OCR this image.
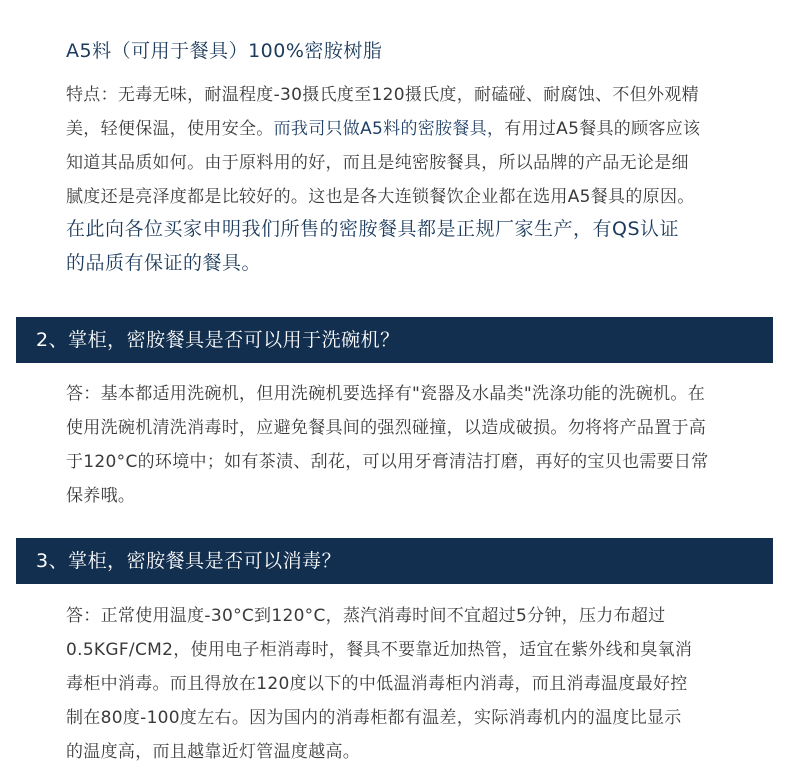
A5料（可用于餐具）100%密胺树脂
特点：无毒无味，耐温程度-30摄氏度至120摄氏度，耐磕碰、耐腐蚀、不但外观精
美，轻便保温，使用安全。而我司只做A5料的密胺餐具，有用过A5餐具的顾客应该
知道其品质如何。由于原料用的好，而且是纯密胺餐具，所以品牌的产品无论是细
腻度还是亮泽度都是比较好的。这也是各大连锁餐饮企业都在选用A5餐具的原因。
在此向各位买家申明我们所售的密胺餐具都是正规厂家生产，有QS认证
的品质有保证的餐具。
2、掌柜，密胺餐具是否可以用于洗碗机？
答：基本都适用洗碗机，但用洗碗机要选择有"瓷器及水晶类"洗涤功能的洗碗机。在
使用洗碗机清洗消毒时，应避免餐具间的强烈碰撞，以造成破损。勿将将产品置于高
于120°C的环境中；如有茶渍、刮花，可以用牙膏清洁打磨，再好的宝贝也需要日常
保养哦。
3、掌柜，密胺餐具是否可以消毒？
答：正常使用温度-30°C到120°C，蒸汽消毒时间不宜超过5分钟，压力布超过
0.5KGF/CM2，使用电子柜消毒时，餐具不要靠近加热管，适宜在紫外线和臭氧消
毒柜中消毒。而且得放在120度以下的中低温消毒柜内消毒，而且消毒温度最好控
制在80度-100度左右。因为国内的消毒柜都有温差，实际消毒机内的温度比显示
的温度高，而且越靠近灯管温度越高。
